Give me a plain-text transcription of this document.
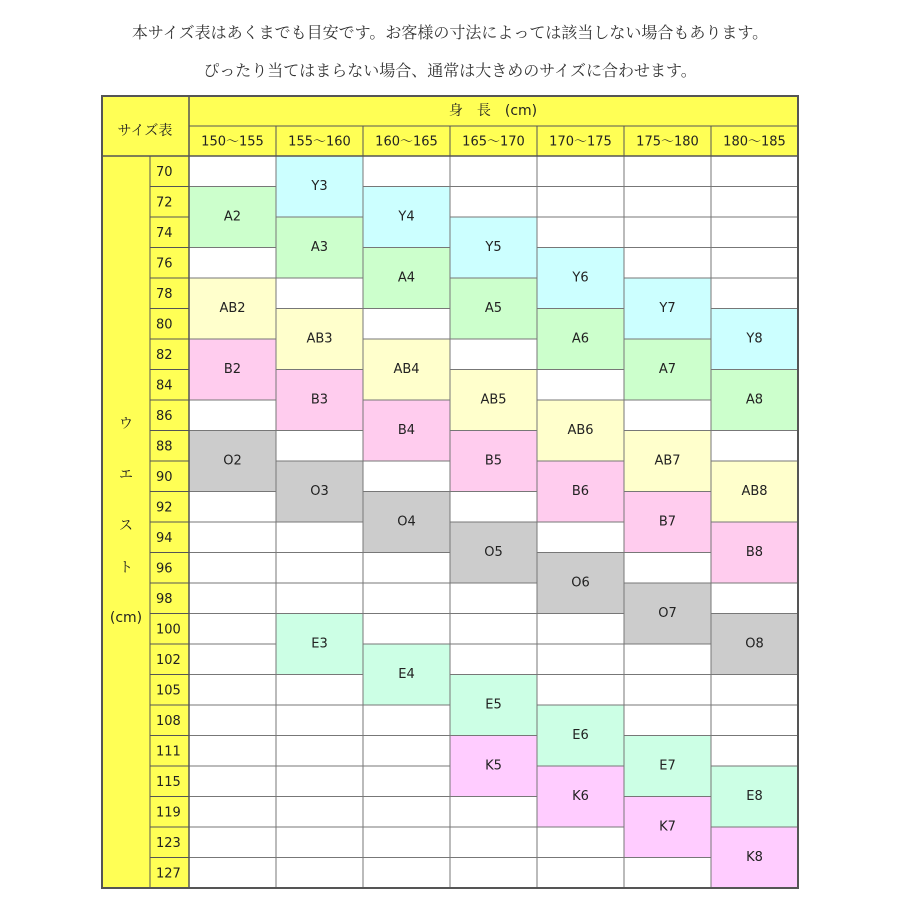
本サイズ表はあくまでも目安です。お客様の寸法によっては該当しない場合もあります。
ぴったり当てはまらない場合、通常は大きめのサイズに合わせます。
サイズ表
身　長　(cm)
A2
AB2
B2
O2
Y3
A3
AB3
B3
O3
E3
Y4
A4
AB4
B4
O4
E4
Y5
A5
AB5
B5
O5
E5
K5
Y6
A6
AB6
B6
O6
E6
K6
Y7
A7
AB7
B7
O7
E7
K7
Y8
A8
AB8
B8
O8
E8
K8
150～155 155～160 160～165 165～170 170～175 175～180 180～185
70
72
74
76
78
80
82
84
86
88
90
92
94
96
98
100
102
105
108
111
115
119
123
127
ウ
エ
ス
ト
(cm)
